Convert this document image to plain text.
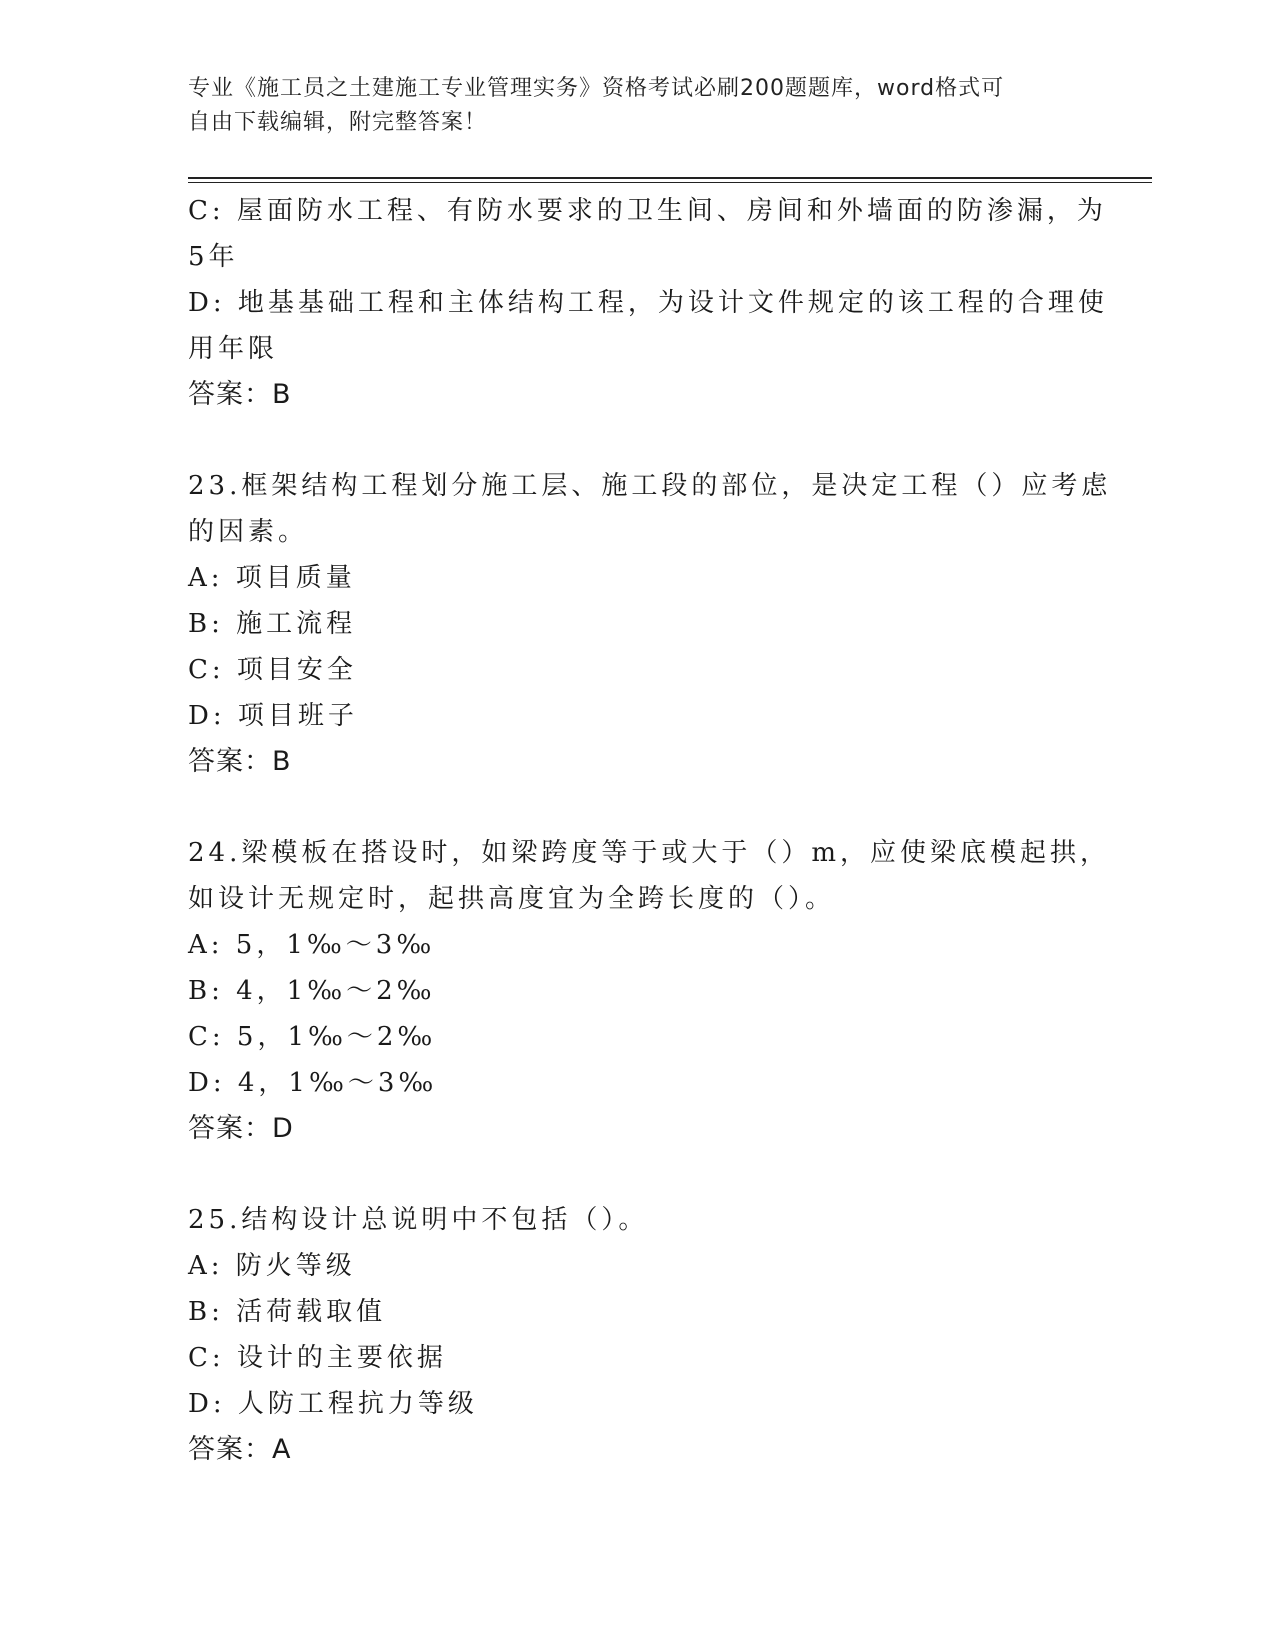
专业《施工员之土建施工专业管理实务》资格考试必刷200题题库，word格式可
自由下载编辑，附完整答案！
C: 屋面防水工程、有防水要求的卫生间、房间和外墙面的防渗漏，为
5年
D: 地基基础工程和主体结构工程，为设计文件规定的该工程的合理使
用年限
答案：B
23.框架结构工程划分施工层、施工段的部位，是决定工程（）应考虑
的因素。
A: 项目质量
B: 施工流程
C: 项目安全
D: 项目班子
答案：B
24.梁模板在搭设时，如梁跨度等于或大于（）m，应使梁底模起拱，
如设计无规定时，起拱高度宜为全跨长度的（）。
A: 5，1‰～3‰
B: 4，1‰～2‰
C: 5，1‰～2‰
D: 4，1‰～3‰
答案：D
25.结构设计总说明中不包括（）。
A: 防火等级
B: 活荷载取值
C: 设计的主要依据
D: 人防工程抗力等级
答案：A
